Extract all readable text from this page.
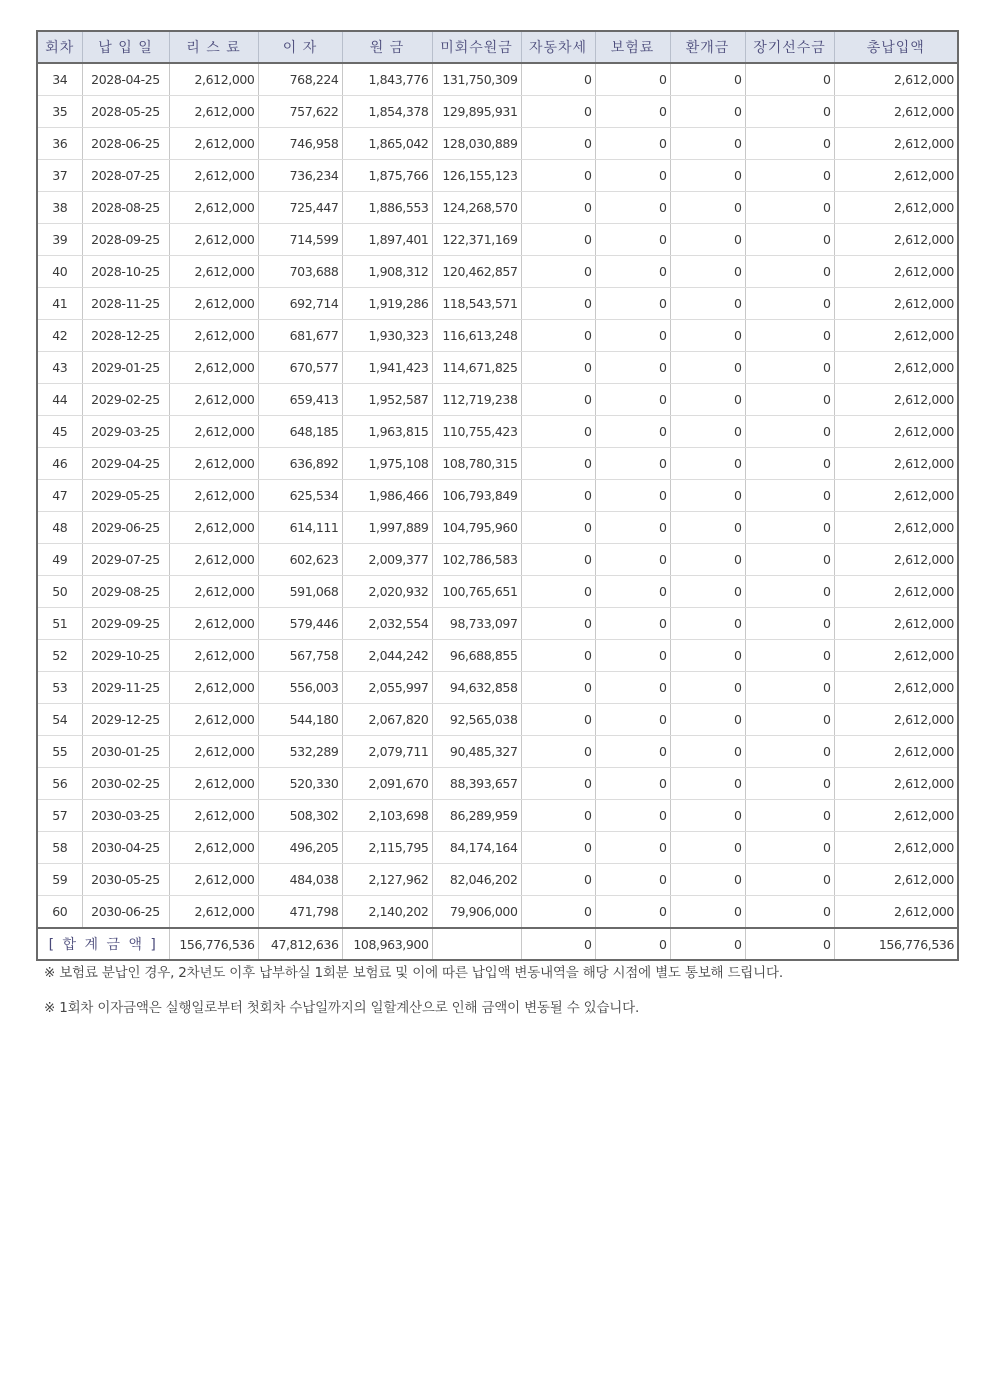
회차	납 입 일	리 스 료	이 자	원 금	미회수원금	자동차세	보험료	환개금	장기선수금	총납입액
34	2028-04-25	2,612,000	768,224	1,843,776	131,750,309	0	0	0	0	2,612,000
35	2028-05-25	2,612,000	757,622	1,854,378	129,895,931	0	0	0	0	2,612,000
36	2028-06-25	2,612,000	746,958	1,865,042	128,030,889	0	0	0	0	2,612,000
37	2028-07-25	2,612,000	736,234	1,875,766	126,155,123	0	0	0	0	2,612,000
38	2028-08-25	2,612,000	725,447	1,886,553	124,268,570	0	0	0	0	2,612,000
39	2028-09-25	2,612,000	714,599	1,897,401	122,371,169	0	0	0	0	2,612,000
40	2028-10-25	2,612,000	703,688	1,908,312	120,462,857	0	0	0	0	2,612,000
41	2028-11-25	2,612,000	692,714	1,919,286	118,543,571	0	0	0	0	2,612,000
42	2028-12-25	2,612,000	681,677	1,930,323	116,613,248	0	0	0	0	2,612,000
43	2029-01-25	2,612,000	670,577	1,941,423	114,671,825	0	0	0	0	2,612,000
44	2029-02-25	2,612,000	659,413	1,952,587	112,719,238	0	0	0	0	2,612,000
45	2029-03-25	2,612,000	648,185	1,963,815	110,755,423	0	0	0	0	2,612,000
46	2029-04-25	2,612,000	636,892	1,975,108	108,780,315	0	0	0	0	2,612,000
47	2029-05-25	2,612,000	625,534	1,986,466	106,793,849	0	0	0	0	2,612,000
48	2029-06-25	2,612,000	614,111	1,997,889	104,795,960	0	0	0	0	2,612,000
49	2029-07-25	2,612,000	602,623	2,009,377	102,786,583	0	0	0	0	2,612,000
50	2029-08-25	2,612,000	591,068	2,020,932	100,765,651	0	0	0	0	2,612,000
51	2029-09-25	2,612,000	579,446	2,032,554	98,733,097	0	0	0	0	2,612,000
52	2029-10-25	2,612,000	567,758	2,044,242	96,688,855	0	0	0	0	2,612,000
53	2029-11-25	2,612,000	556,003	2,055,997	94,632,858	0	0	0	0	2,612,000
54	2029-12-25	2,612,000	544,180	2,067,820	92,565,038	0	0	0	0	2,612,000
55	2030-01-25	2,612,000	532,289	2,079,711	90,485,327	0	0	0	0	2,612,000
56	2030-02-25	2,612,000	520,330	2,091,670	88,393,657	0	0	0	0	2,612,000
57	2030-03-25	2,612,000	508,302	2,103,698	86,289,959	0	0	0	0	2,612,000
58	2030-04-25	2,612,000	496,205	2,115,795	84,174,164	0	0	0	0	2,612,000
59	2030-05-25	2,612,000	484,038	2,127,962	82,046,202	0	0	0	0	2,612,000
60	2030-06-25	2,612,000	471,798	2,140,202	79,906,000	0	0	0	0	2,612,000
[ 합 계 금 액 ]		156,776,536	47,812,636	108,963,900		0	0	0	0	156,776,536
※ 보험료 분납인 경우, 2차년도 이후 납부하실 1회분 보험료 및 이에 따른 납입액 변동내역을 해당 시점에 별도 통보해 드립니다.
※ 1회차 이자금액은 실행일로부터 첫회차 수납일까지의 일할계산으로 인해 금액이 변동될 수 있습니다.
